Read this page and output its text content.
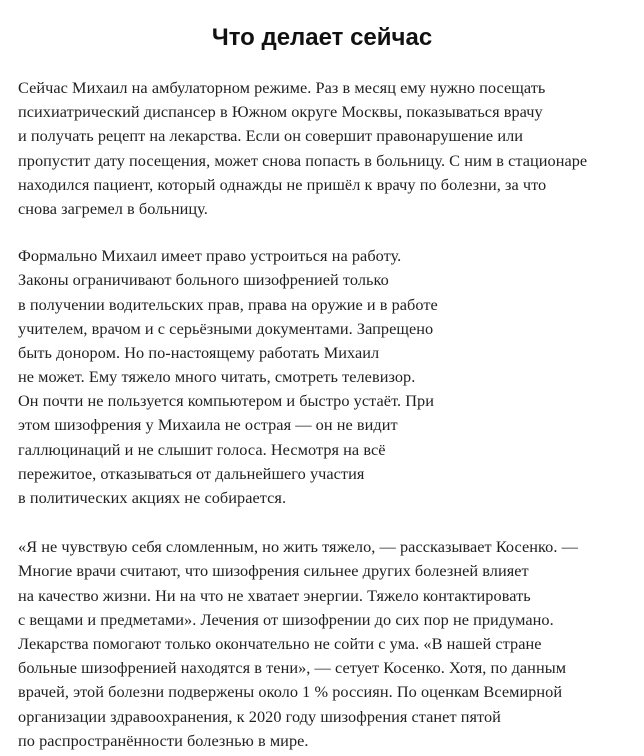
Что делает сейчас

Сейчас Михаил на амбулаторном режиме. Раз в месяц ему нужно посещать
психиатрический диспансер в Южном округе Москвы, показываться врачу
и получать рецепт на лекарства. Если он совершит правонарушение или
пропустит дату посещения, может снова попасть в больницу. С ним в стационаре
находился пациент, который однажды не пришёл к врачу по болезни, за что
снова загремел в больницу.

Формально Михаил имеет право устроиться на работу.
Законы ограничивают больного шизофренией только
в получении водительских прав, права на оружие и в работе
учителем, врачом и с серьёзными документами. Запрещено
быть донором. Но по-настоящему работать Михаил
не может. Ему тяжело много читать, смотреть телевизор.
Он почти не пользуется компьютером и быстро устаёт. При
этом шизофрения у Михаила не острая — он не видит
галлюцинаций и не слышит голоса. Несмотря на всё
пережитое, отказываться от дальнейшего участия
в политических акциях не собирается.

«Я не чувствую себя сломленным, но жить тяжело, — рассказывает Косенко. —
Многие врачи считают, что шизофрения сильнее других болезней влияет
на качество жизни. Ни на что не хватает энергии. Тяжело контактировать
с вещами и предметами». Лечения от шизофрении до сих пор не придумано.
Лекарства помогают только окончательно не сойти с ума. «В нашей стране
больные шизофренией находятся в тени», — сетует Косенко. Хотя, по данным
врачей, этой болезни подвержены около 1 % россиян. По оценкам Всемирной
организации здравоохранения, к 2020 году шизофрения станет пятой
по распространённости болезнью в мире.
